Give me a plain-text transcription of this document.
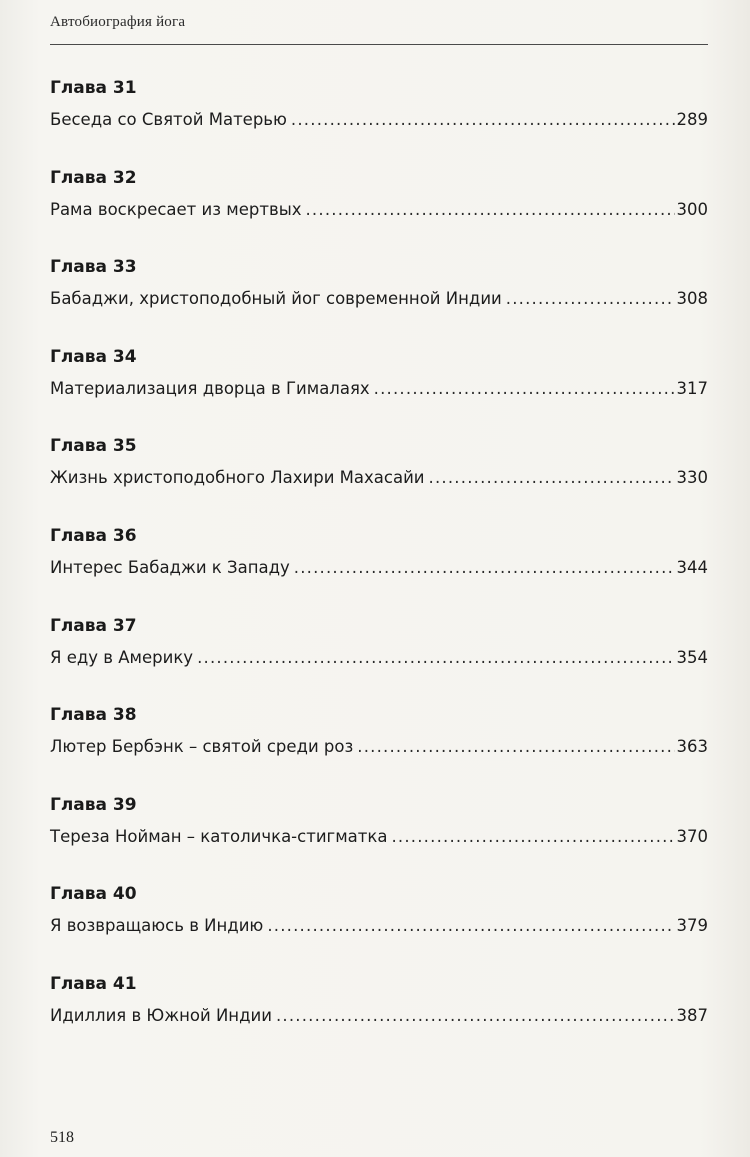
Автобиография йога
Глава 31
Беседа со Святой Матерью .....	289
Глава 32
Рама воскресает из мертвых .....	300
Глава 33
Бабаджи, христоподобный йог современной Индии .....	308
Глава 34
Материализация дворца в Гималаях .....	317
Глава 35
Жизнь христоподобного Лахири Махасайи .....	330
Глава 36
Интерес Бабаджи к Западу .....	344
Глава 37
Я еду в Америку .....	354
Глава 38
Лютер Бербэнк – святой среди роз .....	363
Глава 39
Тереза Нойман – католичка-стигматка .....	370
Глава 40
Я возвращаюсь в Индию .....	379
Глава 41
Идиллия в Южной Индии .....	387
518
